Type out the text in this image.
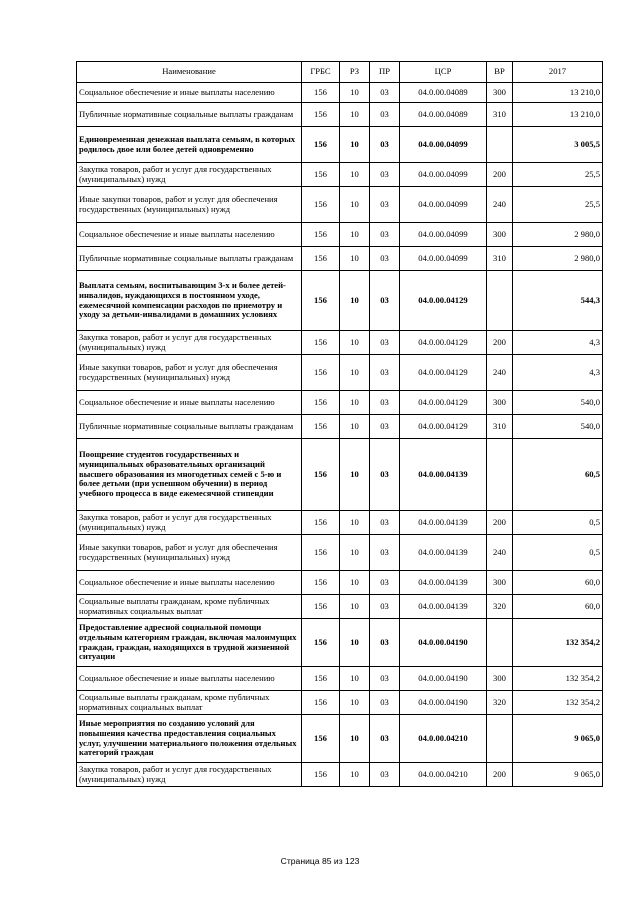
Наименование	ГРБС	РЗ	ПР	ЦСР	ВР	2017
Социальное обеспечение и иные выплаты населению	156	10	03	04.0.00.04089	300	13 210,0
Публичные нормативные социальные выплаты гражданам	156	10	03	04.0.00.04089	310	13 210,0
Единовременная денежная выплата семьям, в которых родилось двое или более детей одновременно	156	10	03	04.0.00.04099		3 005,5
Закупка товаров, работ и услуг для государственных (муниципальных) нужд	156	10	03	04.0.00.04099	200	25,5
Иные закупки товаров, работ и услуг для обеспечения государственных (муниципальных) нужд	156	10	03	04.0.00.04099	240	25,5
Социальное обеспечение и иные выплаты населению	156	10	03	04.0.00.04099	300	2 980,0
Публичные нормативные социальные выплаты гражданам	156	10	03	04.0.00.04099	310	2 980,0
Выплата семьям, воспитывающим 3-х и более детей-инвалидов, нуждающихся в постоянном уходе, ежемесячной компенсации расходов по приемотру и уходу за детьми-инвалидами в домашних условиях	156	10	03	04.0.00.04129		544,3
Закупка товаров, работ и услуг для государственных (муниципальных) нужд	156	10	03	04.0.00.04129	200	4,3
Иные закупки товаров, работ и услуг для обеспечения государственных (муниципальных) нужд	156	10	03	04.0.00.04129	240	4,3
Социальное обеспечение и иные выплаты населению	156	10	03	04.0.00.04129	300	540,0
Публичные нормативные социальные выплаты гражданам	156	10	03	04.0.00.04129	310	540,0
Поощрение студентов государственных и муниципальных образовательных организаций высшего образования из многодетных семей с 5-ю и более детьми (при успешном обучении) в период учебного процесса в виде ежемесячной стипендии	156	10	03	04.0.00.04139		60,5
Закупка товаров, работ и услуг для государственных (муниципальных) нужд	156	10	03	04.0.00.04139	200	0,5
Иные закупки товаров, работ и услуг для обеспечения государственных (муниципальных) нужд	156	10	03	04.0.00.04139	240	0,5
Социальное обеспечение и иные выплаты населению	156	10	03	04.0.00.04139	300	60,0
Социальные выплаты гражданам, кроме публичных нормативных социальных выплат	156	10	03	04.0.00.04139	320	60,0
Предоставление адресной социальной помощи отдельным категориям граждан, включая малоимущих граждан, граждан, находящихся в трудной жизненной ситуации	156	10	03	04.0.00.04190		132 354,2
Социальное обеспечение и иные выплаты населению	156	10	03	04.0.00.04190	300	132 354,2
Социальные выплаты гражданам, кроме публичных нормативных социальных выплат	156	10	03	04.0.00.04190	320	132 354,2
Иные мероприятия по созданию условий для повышения качества предоставления социальных услуг, улучшении материального положения отдельных категорий граждан	156	10	03	04.0.00.04210		9 065,0
Закупка товаров, работ и услуг для государственных (муниципальных) нужд	156	10	03	04.0.00.04210	200	9 065,0
Страница 85 из 123
